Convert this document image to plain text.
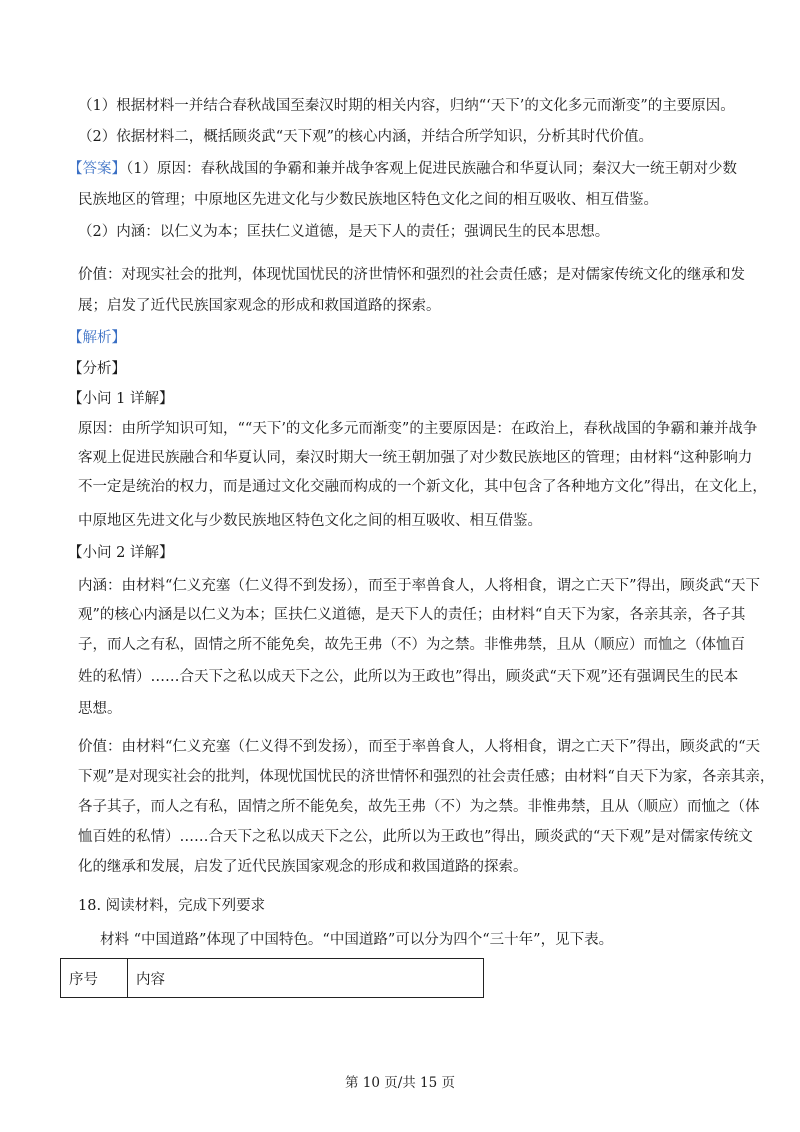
（1）根据材料一并结合春秋战国至秦汉时期的相关内容，归纳“‘天下’的文化多元而渐变”的主要原因。
（2）依据材料二，概括顾炎武“天下观”的核心内涵，并结合所学知识，分析其时代价值。
【答案】（1）原因：春秋战国的争霸和兼并战争客观上促进民族融合和华夏认同；秦汉大一统王朝对少数
民族地区的管理；中原地区先进文化与少数民族地区特色文化之间的相互吸收、相互借鉴。
（2）内涵：以仁义为本；匡扶仁义道德，是天下人的责任；强调民生的民本思想。
价值：对现实社会的批判，体现忧国忧民的济世情怀和强烈的社会责任感；是对儒家传统文化的继承和发
展；启发了近代民族国家观念的形成和救国道路的探索。
【解析】
【分析】
【小问 1 详解】
原因：由所学知识可知，““天下’的文化多元而渐变”的主要原因是：在政治上，春秋战国的争霸和兼并战争
客观上促进民族融合和华夏认同，秦汉时期大一统王朝加强了对少数民族地区的管理；由材料“这种影响力
不一定是统治的权力，而是通过文化交融而构成的一个新文化，其中包含了各种地方文化”得出，在文化上，
中原地区先进文化与少数民族地区特色文化之间的相互吸收、相互借鉴。
【小问 2 详解】
内涵：由材料“仁义充塞（仁义得不到发扬），而至于率兽食人，人将相食，谓之亡天下”得出，顾炎武“天下
观”的核心内涵是以仁义为本；匡扶仁义道德，是天下人的责任；由材料“自天下为家，各亲其亲，各子其
子，而人之有私，固情之所不能免矣，故先王弗（不）为之禁。非惟弗禁，且从（顺应）而恤之（体恤百
姓的私情）……合天下之私以成天下之公，此所以为王政也”得出，顾炎武“天下观”还有强调民生的民本
思想。
价值：由材料“仁义充塞（仁义得不到发扬），而至于率兽食人，人将相食，谓之亡天下”得出，顾炎武的“天
下观”是对现实社会的批判，体现忧国忧民的济世情怀和强烈的社会责任感；由材料“自天下为家，各亲其亲，
各子其子，而人之有私，固情之所不能免矣，故先王弗（不）为之禁。非惟弗禁，且从（顺应）而恤之（体
恤百姓的私情）……合天下之私以成天下之公，此所以为王政也”得出，顾炎武的“天下观”是对儒家传统文
化的继承和发展，启发了近代民族国家观念的形成和救国道路的探索。
18. 阅读材料，完成下列要求
材料 “中国道路”体现了中国特色。“中国道路”可以分为四个“三十年”，见下表。
序号	内容
第 10 页/共 15 页
